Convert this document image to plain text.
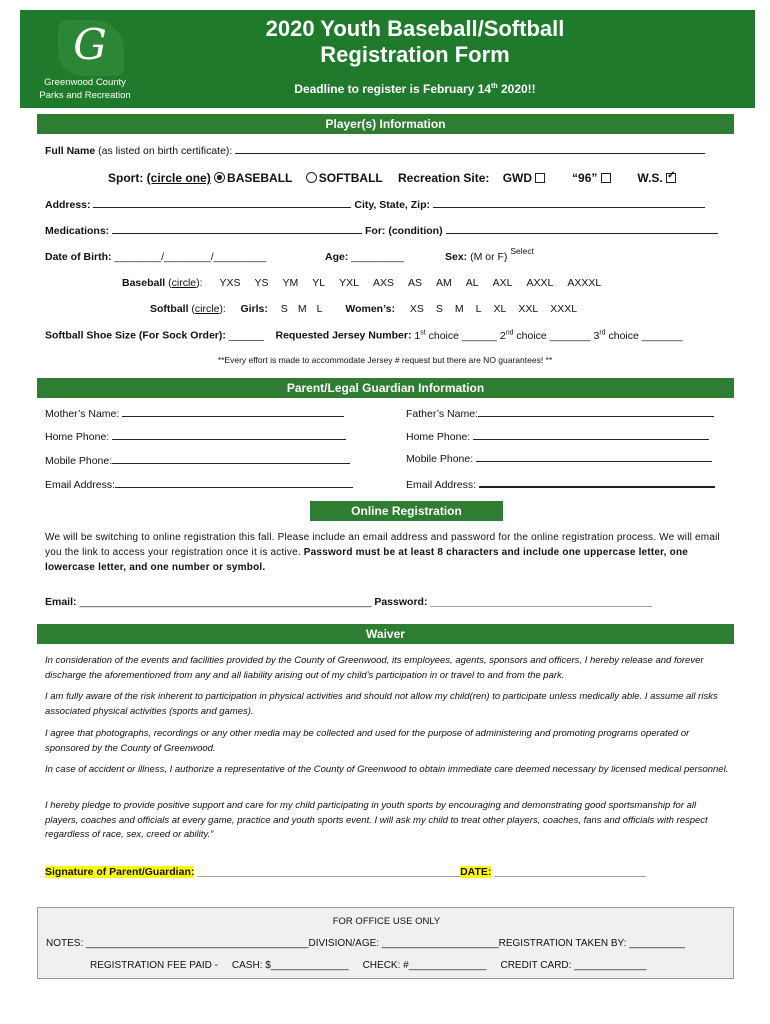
G
Greenwood County
Parks and Recreation
2020 Youth Baseball/Softball
Registration Form
Deadline to register is February 14th 2020!!
Player(s) Information
Full Name (as listed on birth certificate):
Sport: (circle one) BASEBALL SOFTBALL Recreation Site: GWD	“96”	W.S. ✓
Address:	City, State, Zip:
Medications:	For: (condition)
Date of Birth: ________/________/_________	Age: _________	Sex: (M or F) $^{Select}$
Baseball (circle): YXS YS YM YL YXL AXS AS AM AL AXL AXXL AXXXL
Softball (circle):     Girls: S M L Women’s: XS S M L XL XXL XXXL
Softball Shoe Size (For Sock Order): ______ Requested Jersey Number: 1st choice ______ 2nd choice _______ 3rd choice _______
**Every effort is made to accommodate Jersey # request but there are NO guarantees! **
Parent/Legal Guardian Information
Mother’s Name:	Father’s Name:
Home Phone:	Home Phone:
Mobile Phone:	Mobile Phone:
Email Address:	Email Address:
Online Registration
We will be switching to online registration this fall. Please include an email address and password for the online registration process. We will email you the link to access your registration once it is active. Password must be at least 8 characters and include one uppercase letter, one lowercase letter, and one number or symbol.
Email: __________________________________________________ Password: ______________________________________
Waiver
In consideration of the events and facilities provided by the County of Greenwood, its employees, agents, sponsors and officers, I hereby release and forever discharge the aforementioned from any and all liability arising out of my child’s participation in or travel to and from the park.
I am fully aware of the risk inherent to participation in physical activities and should not allow my child(ren) to participate unless medically able. I assume all risks associated physical activities (sports and games).
I agree that photographs, recordings or any other media may be collected and used for the purpose of administering and promoting programs operated or sponsored by the County of Greenwood.
In case of accident or illness, I authorize a representative of the County of Greenwood to obtain immediate care deemed necessary by licensed medical personnel.
I hereby pledge to provide positive support and care for my child participating in youth sports by encouraging and demonstrating good sportsmanship for all players, coaches and officials at every game, practice and youth sports event. I will ask my child to treat other players, coaches, fans and officials with respect regardless of race, sex, creed or ability.”
Signature of Parent/Guardian: _____________________________________________DATE: __________________________
FOR OFFICE USE ONLY
NOTES: ________________________________________DIVISION/AGE: _____________________REGISTRATION TAKEN BY: __________
REGISTRATION FEE PAID - CASH: $______________ CHECK: #______________ CREDIT CARD: _____________
